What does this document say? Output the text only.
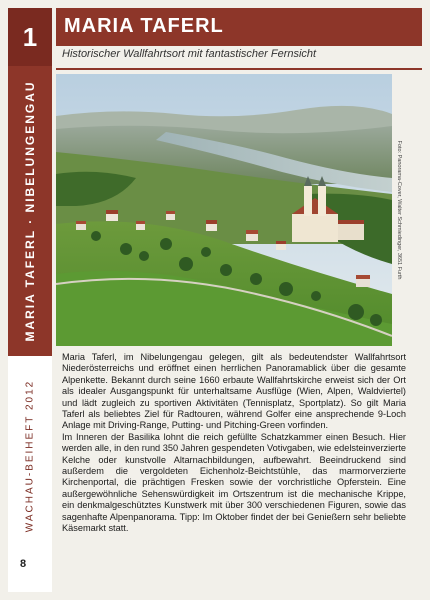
1
MARIA TAFERL · NIBELUNGENGAU
WACHAU-BEIHEFT 2012
8
MARIA TAFERL
Historischer Wallfahrtsort mit fantastischer Fernsicht
Foto: Panorama-Cover, Walter Schmiedinger, 3651 Furth

Maria Taferl, im Nibelungengau gelegen, gilt als bedeutendster Wallfahrtsort Niederösterreichs und eröffnet einen herrlichen Panoramablick über die gesamte Alpenkette. Bekannt durch seine 1660 erbaute Wallfahrtskirche erweist sich der Ort als idealer Ausgangspunkt für unterhaltsame Ausflüge (Wien, Alpen, Waldviertel) und lädt zugleich zu sportiven Aktivitäten (Tennisplatz, Sportplatz). So gilt Maria Taferl als beliebtes Ziel für Radtouren, während Golfer eine ansprechende 9-Loch Anlage mit Driving-Range, Putting- und Pitching-Green vorfinden.

Im Inneren der Basilika lohnt die reich gefüllte Schatzkammer einen Besuch. Hier werden alle, in den rund 350 Jahren gespendeten Votivgaben, wie edelsteinverzierte Kelche oder kunstvolle Altarnachbildungen, aufbewahrt. Beeindruckend sind außerdem die vergoldeten Eichenholz-Beichtstühle, das marmorverzierte Kirchenportal, die prächtigen Fresken sowie der vorchristliche Opferstein. Eine außergewöhnliche Sehenswürdigkeit im Ortszentrum ist die mechanische Krippe, ein denkmalgeschütztes Kunstwerk mit über 300 verschiedenen Figuren, sowie das sagenhafte Alpenpanorama. Tipp: Im Oktober findet der bei Genießern sehr beliebte Käsemarkt statt.
